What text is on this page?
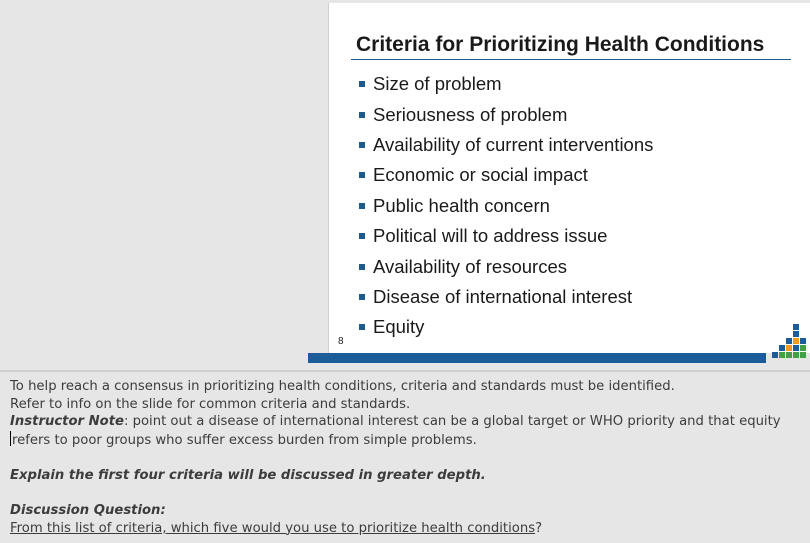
Criteria for Prioritizing Health Conditions
Size of problem
Seriousness of problem
Availability of current interventions
Economic or social impact
Public health concern
Political will to address issue
Availability of resources
Disease of international interest
Equity
8

To help reach a consensus in prioritizing health conditions, criteria and standards must be identified.

Refer to info on the slide for common criteria and standards.

Instructor Note: point out a disease of international interest can be a global target or WHO priority and that equity

refers to poor groups who suffer excess burden from simple problems.

Explain the first four criteria will be discussed in greater depth.

Discussion Question:

From this list of criteria, which five would you use to prioritize health conditions?
